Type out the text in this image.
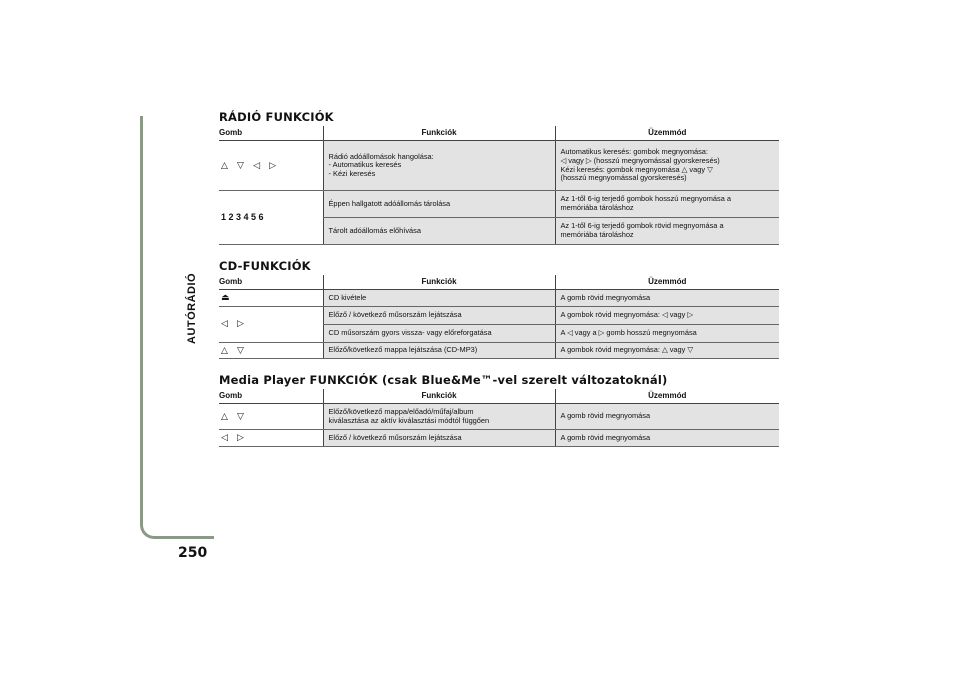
AUTÓRÁDIÓ
250
RÁDIÓ FUNKCIÓK
Gomb	Funkciók	Üzemmód
△ ▽ ◁ ▷	Rádió adóállomások hangolása:
- Automatikus keresés
- Kézi keresés	Automatikus keresés: gombok megnyomása:
◁ vagy ▷ (hosszú megnyomással gyorskeresés)
Kézi keresés: gombok megnyomása △ vagy ▽
(hosszú megnyomással gyorskeresés)
1 2 3 4 5 6	Éppen hallgatott adóállomás tárolása	Az 1-től 6-ig terjedő gombok hosszú megnyomása a
memóriába tároláshoz
	Tárolt adóállomás előhívása	Az 1-től 6-ig terjedő gombok rövid megnyomása a
memóriába tároláshoz
CD-FUNKCIÓK
Gomb	Funkciók	Üzemmód
⏏	CD kivétele	A gomb rövid megnyomása
◁ ▷	Előző / következő műsorszám lejátszása	A gombok rövid megnyomása: ◁ vagy ▷
	CD műsorszám gyors vissza- vagy előreforgatása	A ◁ vagy a ▷ gomb hosszú megnyomása
△ ▽	Előző/következő mappa lejátszása (CD-MP3)	A gombok rövid megnyomása: △ vagy ▽
Media Player FUNKCIÓK (csak Blue&Me™-vel szerelt változatoknál)
Gomb	Funkciók	Üzemmód
△ ▽	Előző/következő mappa/előadó/műfaj/album
kiválasztása az aktív kiválasztási módtól függően	A gomb rövid megnyomása
◁ ▷	Előző / következő műsorszám lejátszása	A gomb rövid megnyomása
